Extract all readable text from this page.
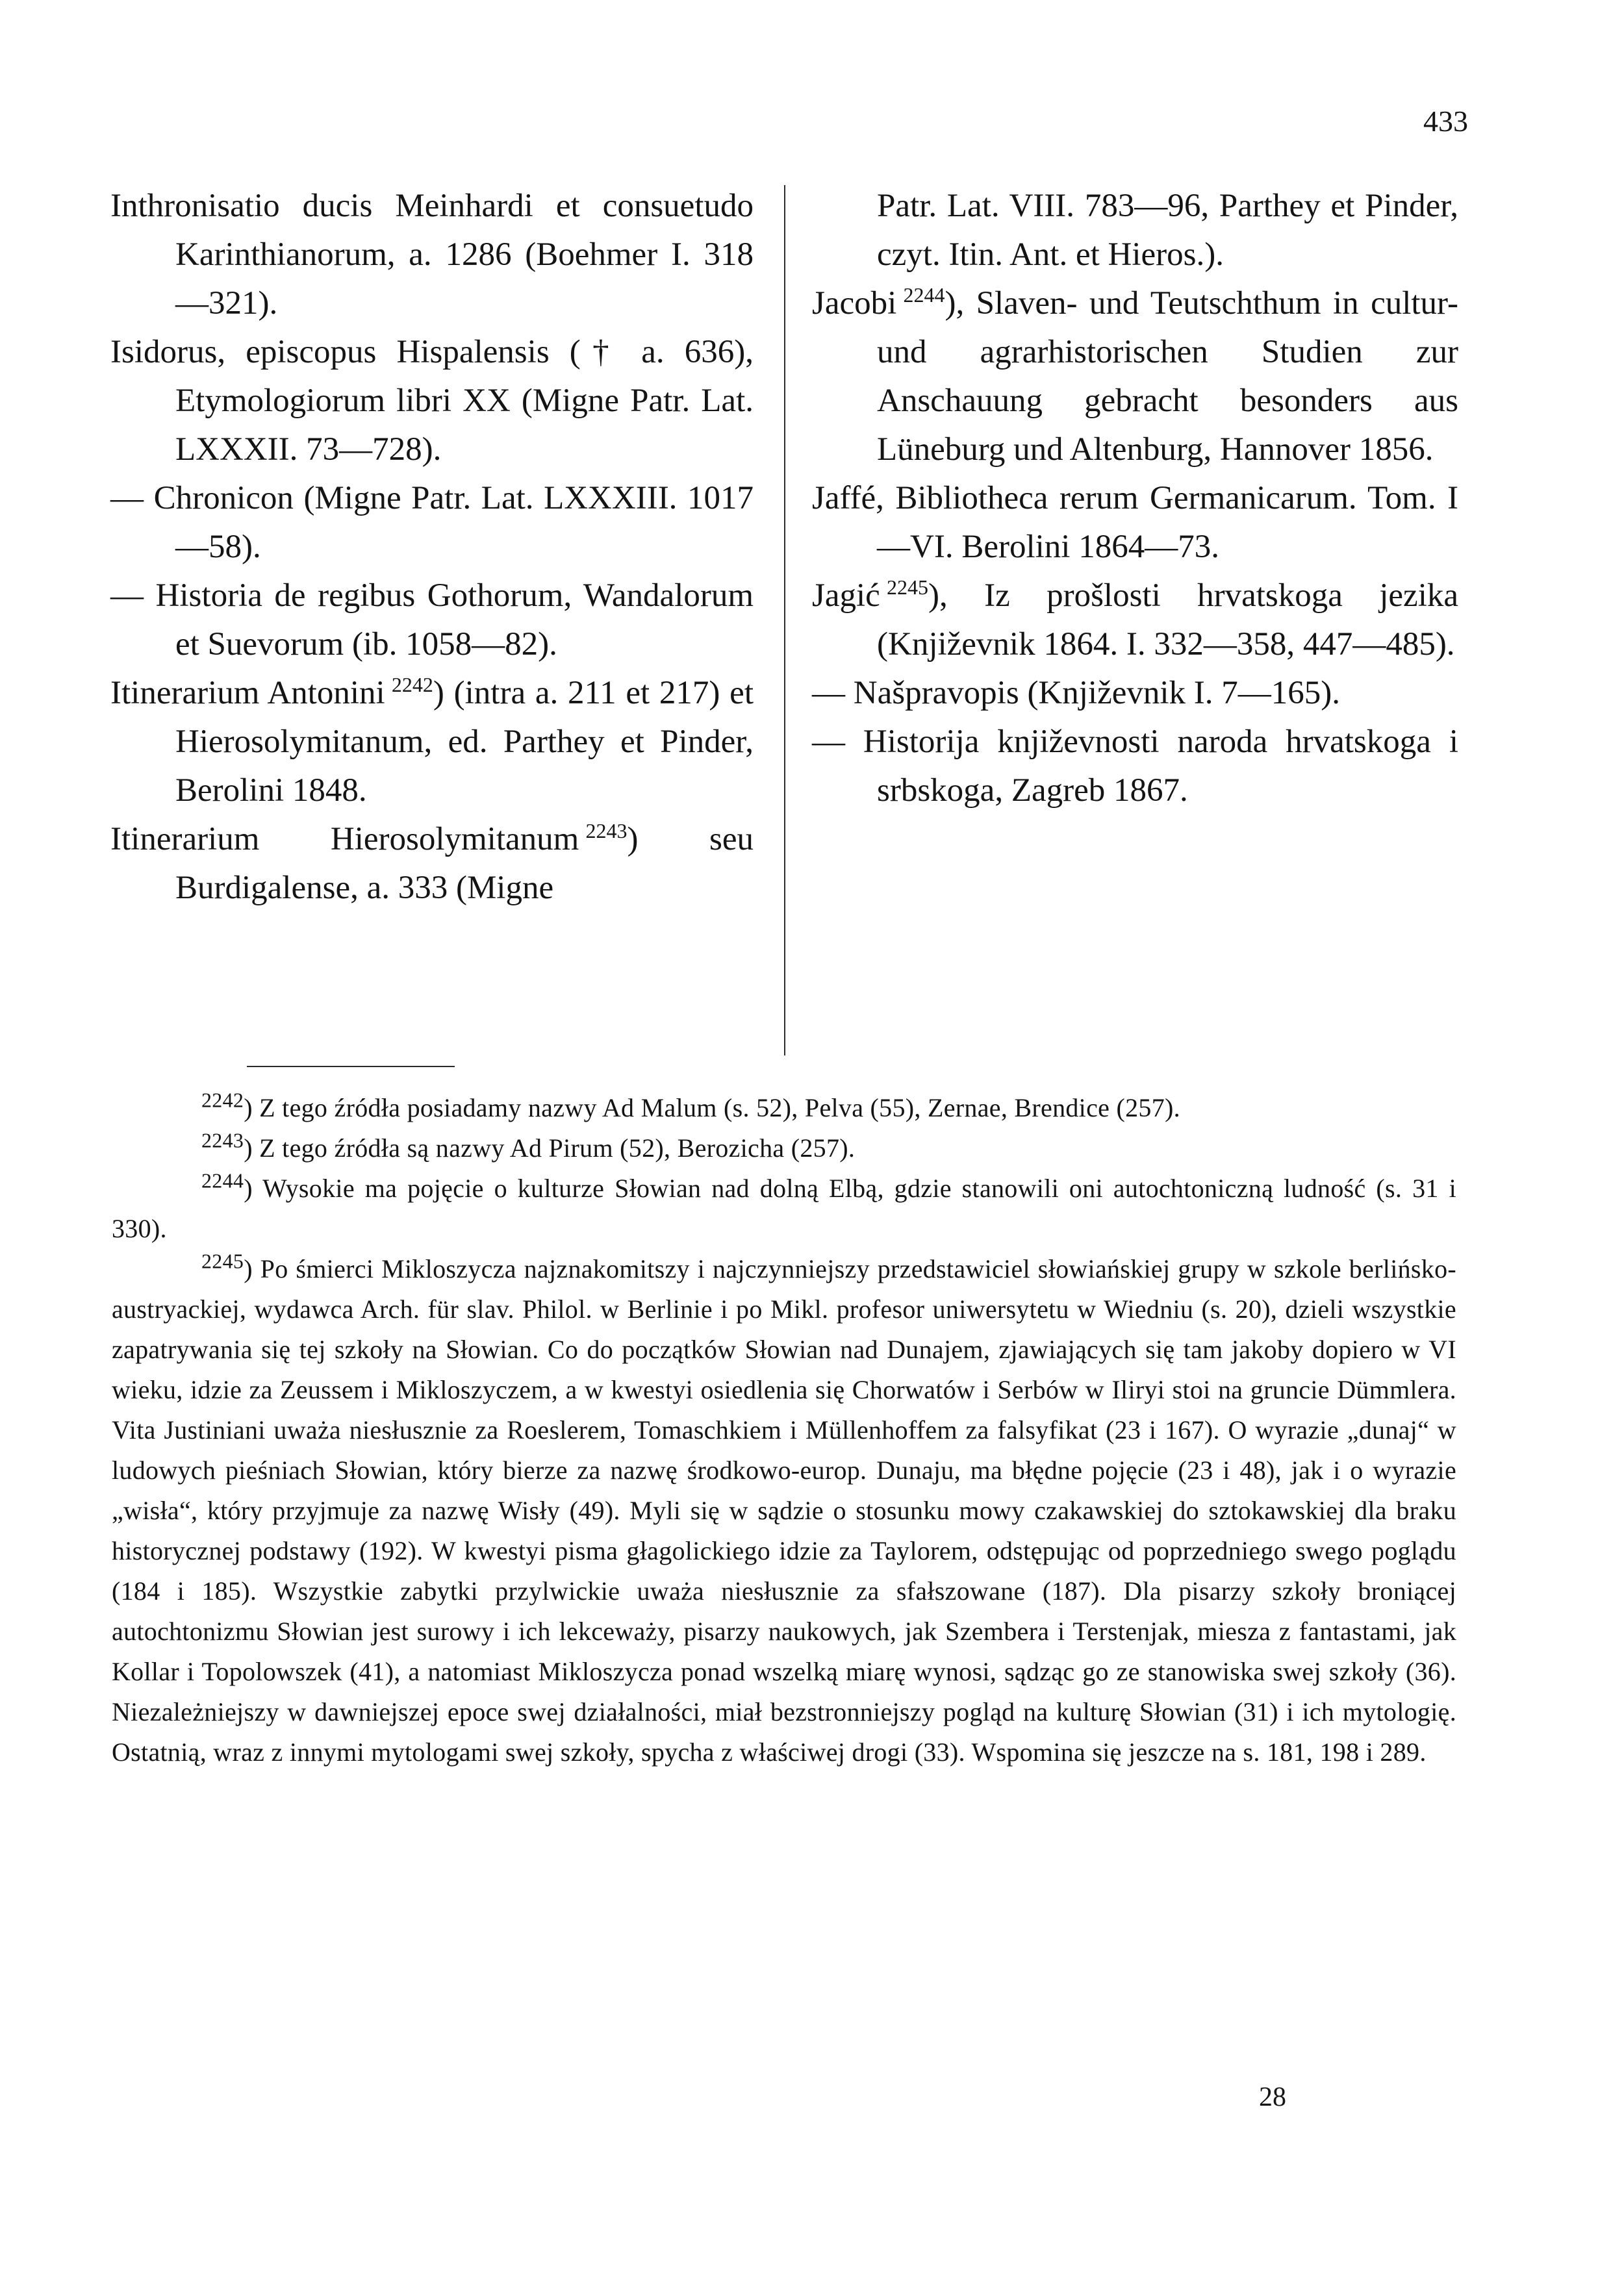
433

Inthronisatio ducis Meinhardi et consuetudo Karinthianorum, a. 1286 (Boehmer I. 318—321).

Isidorus, episcopus Hispalensis († a. 636), Etymologiorum libri XX (Migne Patr. Lat. LXXXII. 73—728).

— Chronicon (Migne Patr. Lat. LXXXIII. 1017—58).

— Historia de regibus Gothorum, Wandalorum et Suevorum (ib. 1058—82).

Itinerarium Antonini  $^{2242}$) (intra a. 211 et 217) et Hierosolymitanum, ed. Parthey et Pinder, Berolini 1848.

Itinerarium Hierosolymitanum  $^{2243}$) seu Burdigalense, a. 333 (Migne

Patr. Lat. VIII. 783—96, Parthey et Pinder, czyt. Itin. Ant. et Hieros.).

Jacobi  $^{2244}$), Slaven- und Teutschthum in cultur- und agrarhistorischen Studien zur Anschauung gebracht besonders aus Lüneburg und Altenburg, Hannover 1856.

Jaffé, Bibliotheca rerum Germanicarum. Tom. I—VI. Berolini 1864—73.

Jagić  $^{2245}$), Iz prošlosti hrvatskoga jezika (Književnik 1864. I. 332—358, 447—485).

— Našpravopis (Književnik I. 7—165).

— Historija književnosti naroda hrvatskoga i srbskoga, Zagreb 1867.

$^{2242}$) Z tego źródła posiadamy nazwy Ad Malum (s. 52), Pelva (55), Zernae, Brendice (257).

$^{2243}$) Z tego źródła są nazwy Ad Pirum (52), Berozicha (257).

$^{2244}$) Wysokie ma pojęcie o kulturze Słowian nad dolną Elbą, gdzie stanowili oni autochtoniczną ludność (s. 31 i 330).

$^{2245}$) Po śmierci Mikloszycza najznakomitszy i najczynniejszy przedstawiciel słowiańskiej grupy w szkole berlińsko-austryackiej, wydawca Arch. für slav. Philol. w Berlinie i po Mikl. profesor uniwersytetu w Wiedniu (s. 20), dzieli wszystkie zapatrywania się tej szkoły na Słowian. Co do początków Słowian nad Dunajem, zjawiających się tam jakoby dopiero w VI wieku, idzie za Zeussem i Mikloszyczem, a w kwestyi osiedlenia się Chorwatów i Serbów w Iliryi stoi na gruncie Dümmlera. Vita Justiniani uważa niesłusznie za Roeslerem, Tomaschkiem i Müllenhoffem za falsyfikat (23 i 167). O wyrazie „dunaj“ w ludowych pieśniach Słowian, który bierze za nazwę środkowo-europ. Dunaju, ma błędne pojęcie (23 i 48), jak i o wyrazie „wisła“, który przyjmuje za nazwę Wisły (49). Myli się w sądzie o stosunku mowy czakawskiej do sztokawskiej dla braku historycznej podstawy (192). W kwestyi pisma głagolickiego idzie za Taylorem, odstępując od poprzedniego swego poglądu (184 i 185). Wszystkie zabytki przylwickie uważa niesłusznie za sfałszowane (187). Dla pisarzy szkoły broniącej autochtonizmu Słowian jest surowy i ich lekceważy, pisarzy naukowych, jak Szembera i Terstenjak, miesza z fantastami, jak Kollar i Topolowszek (41), a natomiast Mikloszycza ponad wszelką miarę wynosi, sądząc go ze stanowiska swej szkoły (36). Niezależniejszy w dawniejszej epoce swej działalności, miał bezstronniejszy pogląd na kulturę Słowian (31) i ich mytologię. Ostatnią, wraz z innymi mytologami swej szkoły, spycha z właściwej drogi (33). Wspomina się jeszcze na s. 181, 198 i 289.

28
